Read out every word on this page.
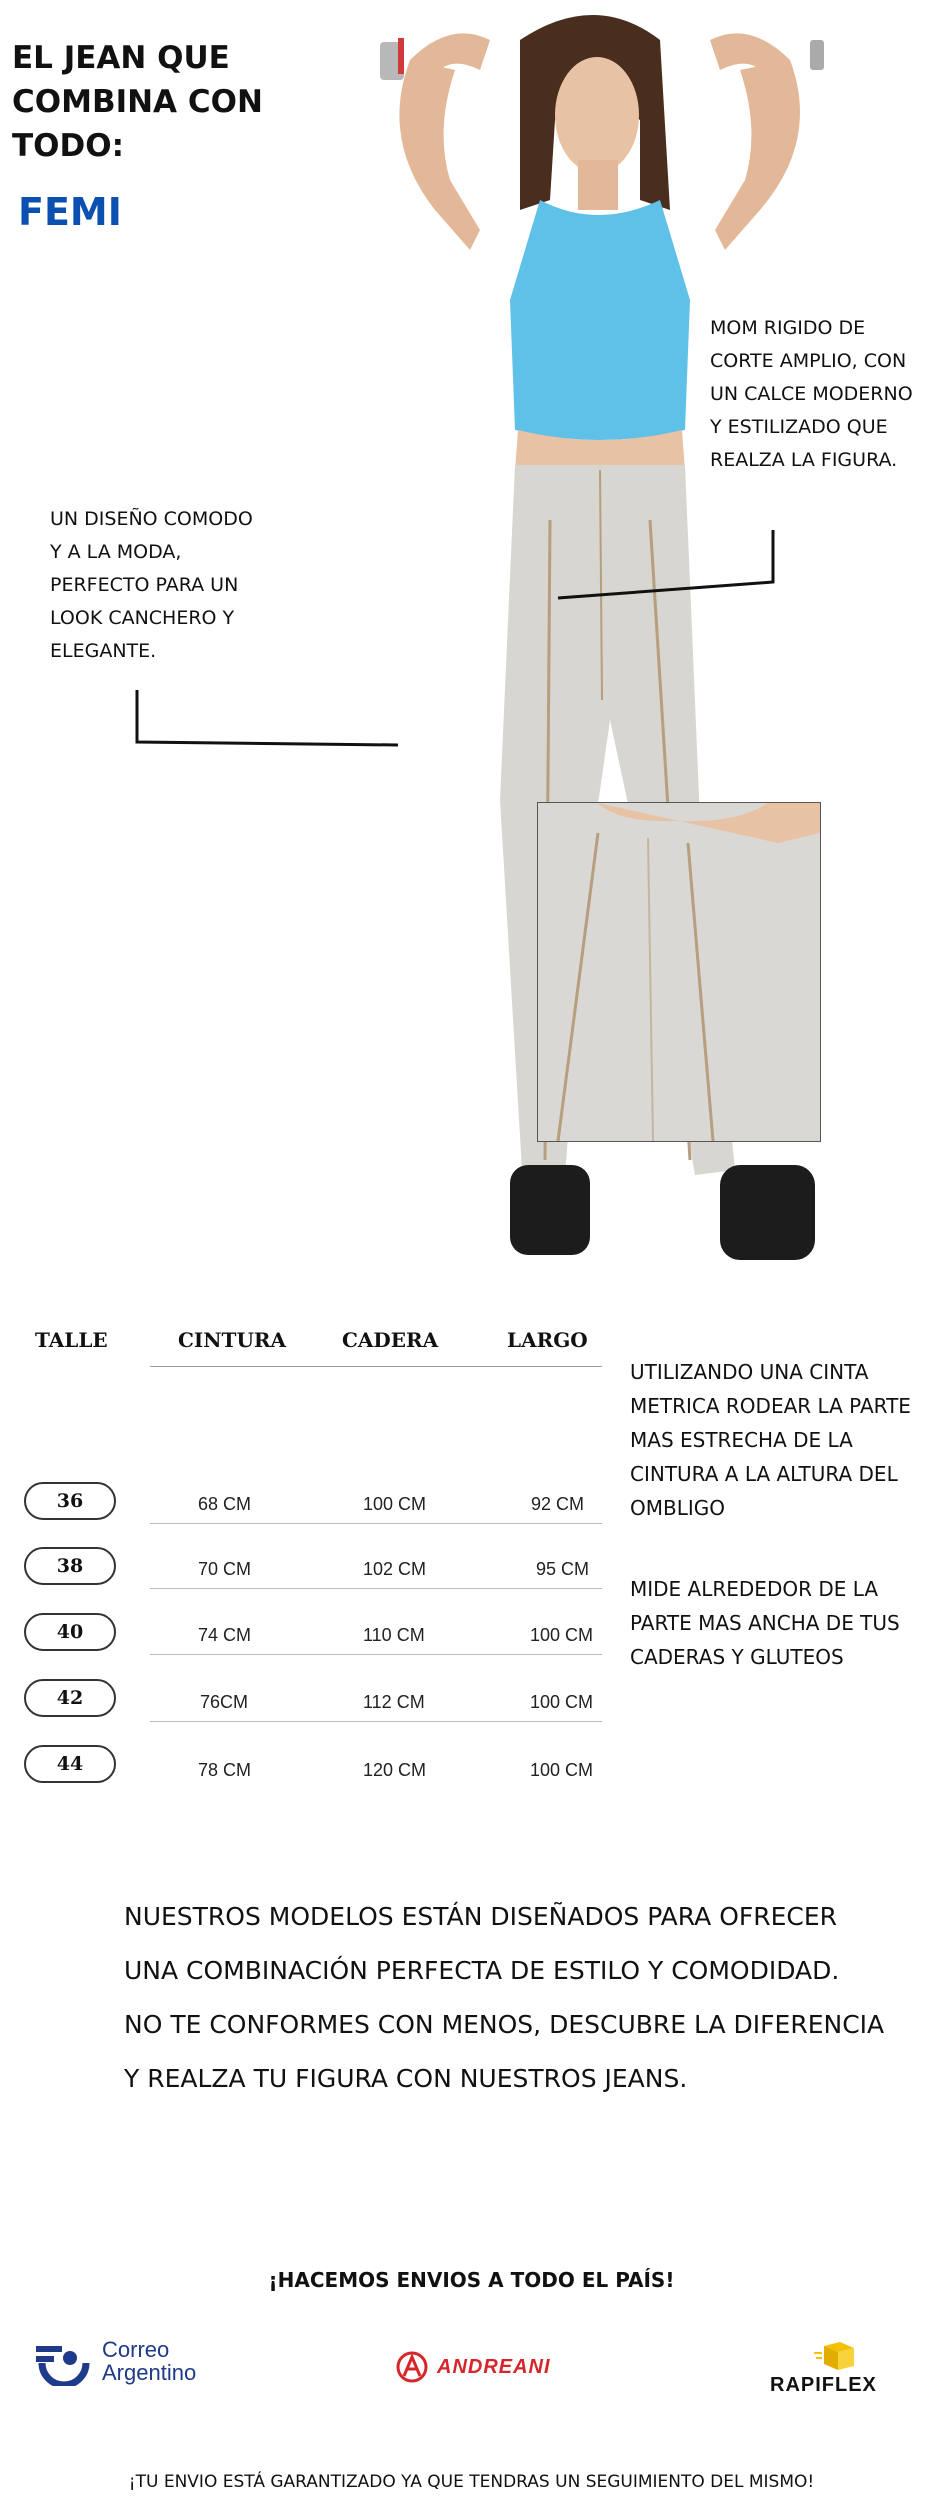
EL JEAN QUE
COMBINA CON
TODO:
FEMI
MOM RIGIDO DE
CORTE AMPLIO, CON
UN CALCE MODERNO
Y ESTILIZADO QUE
REALZA LA FIGURA.
UN DISEÑO COMODO
Y A LA MODA,
PERFECTO PARA UN
LOOK CANCHERO Y
ELEGANTE.
TALLE	CINTURA	CADERA	LARGO
36	68 CM	100 CM	92 CM
38	70 CM	102 CM	95 CM
40	74 CM	110 CM	100 CM
42	76CM	112 CM	100 CM
44	78 CM	120 CM	100 CM
UTILIZANDO UNA CINTA
METRICA RODEAR LA PARTE
MAS ESTRECHA DE LA
CINTURA A LA ALTURA DEL
OMBLIGO
MIDE ALREDEDOR DE LA
PARTE MAS ANCHA DE TUS
CADERAS Y GLUTEOS
NUESTROS MODELOS ESTÁN DISEÑADOS PARA OFRECER
UNA COMBINACIÓN PERFECTA DE ESTILO Y COMODIDAD.
NO TE CONFORMES CON MENOS, DESCUBRE LA DIFERENCIA
Y REALZA TU FIGURA CON NUESTROS JEANS.
¡HACEMOS ENVIOS A TODO EL PAÍS!
Correo
Argentino	ANDREANI
RAPIFLEX
¡TU ENVIO ESTÁ GARANTIZADO YA QUE TENDRAS UN SEGUIMIENTO DEL MISMO!
